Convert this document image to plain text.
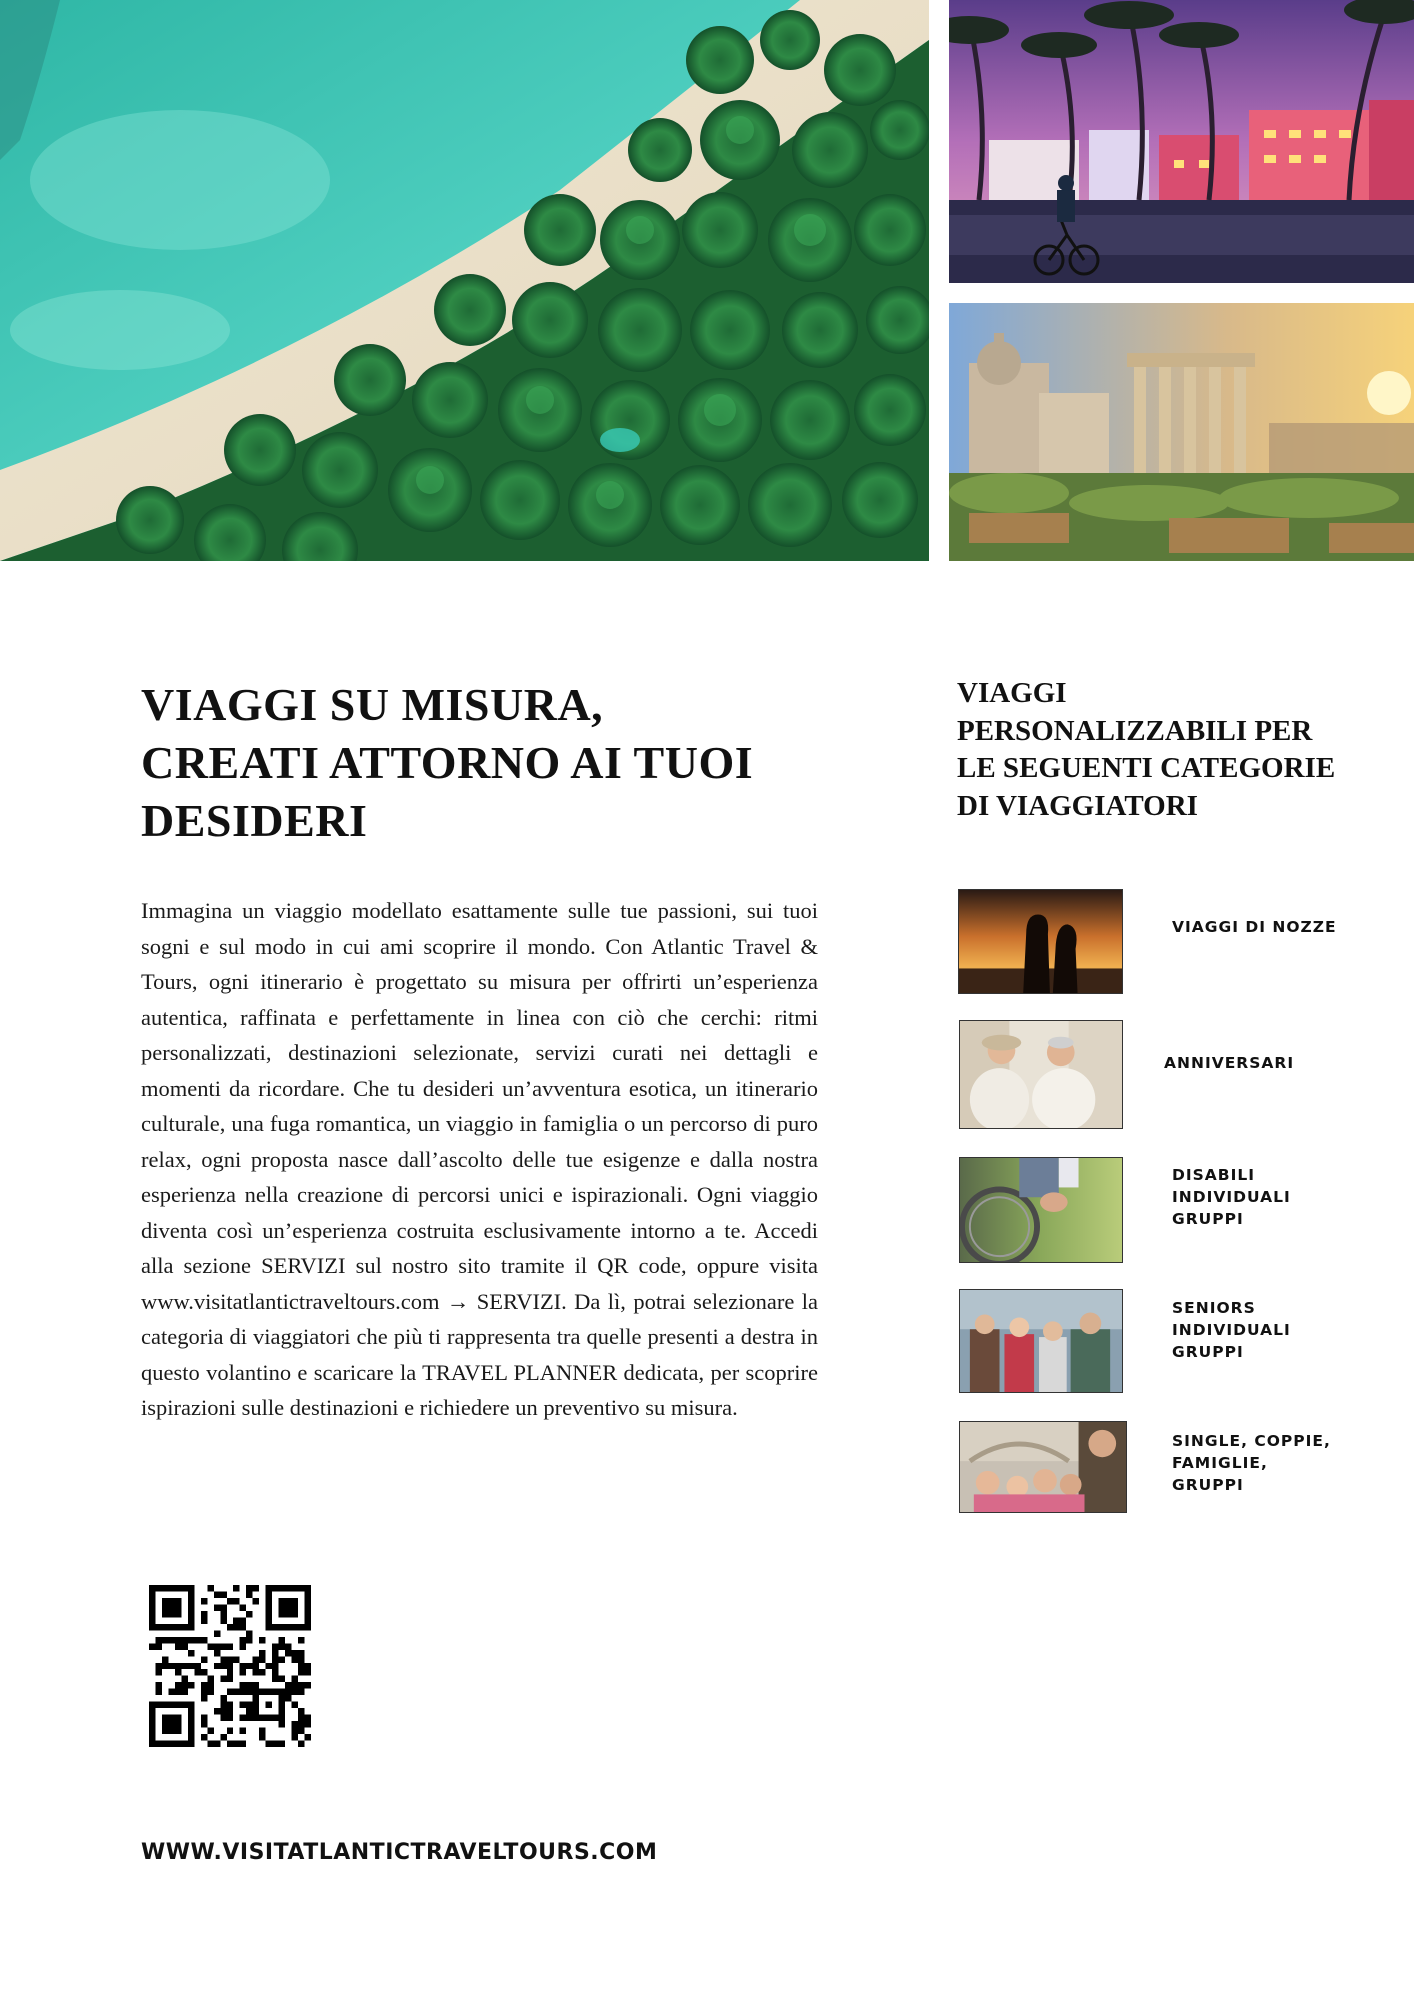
VIAGGI SU MISURA,
CREATI ATTORNO AI TUOI
DESIDERI

Immagina un viaggio modellato esattamente sulle tue passioni, sui tuoi sogni e sul modo in cui ami scoprire il mondo. Con Atlantic Travel & Tours, ogni itinerario è progettato su misura per offrirti un’esperienza autentica, raffinata e perfettamente in linea con ciò che cerchi: ritmi personalizzati, destinazioni selezionate, servizi curati nei dettagli e momenti da ricordare. Che tu desideri un’avventura esotica, un itinerario culturale, una fuga romantica, un viaggio in famiglia o un percorso di puro relax, ogni proposta nasce dall’ascolto delle tue esigenze e dalla nostra esperienza nella creazione di percorsi unici e ispirazionali. Ogni viaggio diventa così un’esperienza costruita esclusivamente intorno a te. Accedi alla sezione SERVIZI sul nostro sito tramite il QR code, oppure visita www.visitatlantictraveltours.com → SERVIZI. Da lì, potrai selezionare la categoria di viaggiatori che più ti rappresenta tra quelle presenti a destra in questo volantino e scaricare la TRAVEL PLANNER dedicata, per scoprire ispirazioni sulle destinazioni e richiedere un preventivo su misura.

VIAGGI
PERSONALIZZABILI PER
LE SEGUENTI CATEGORIE
DI VIAGGIATORI
VIAGGI DI NOZZE
ANNIVERSARI
DISABILI
INDIVIDUALI
GRUPPI
SENIORS
INDIVIDUALI
GRUPPI
SINGLE, COPPIE,
FAMIGLIE,
GRUPPI
WWW.VISITATLANTICTRAVELTOURS.COM
